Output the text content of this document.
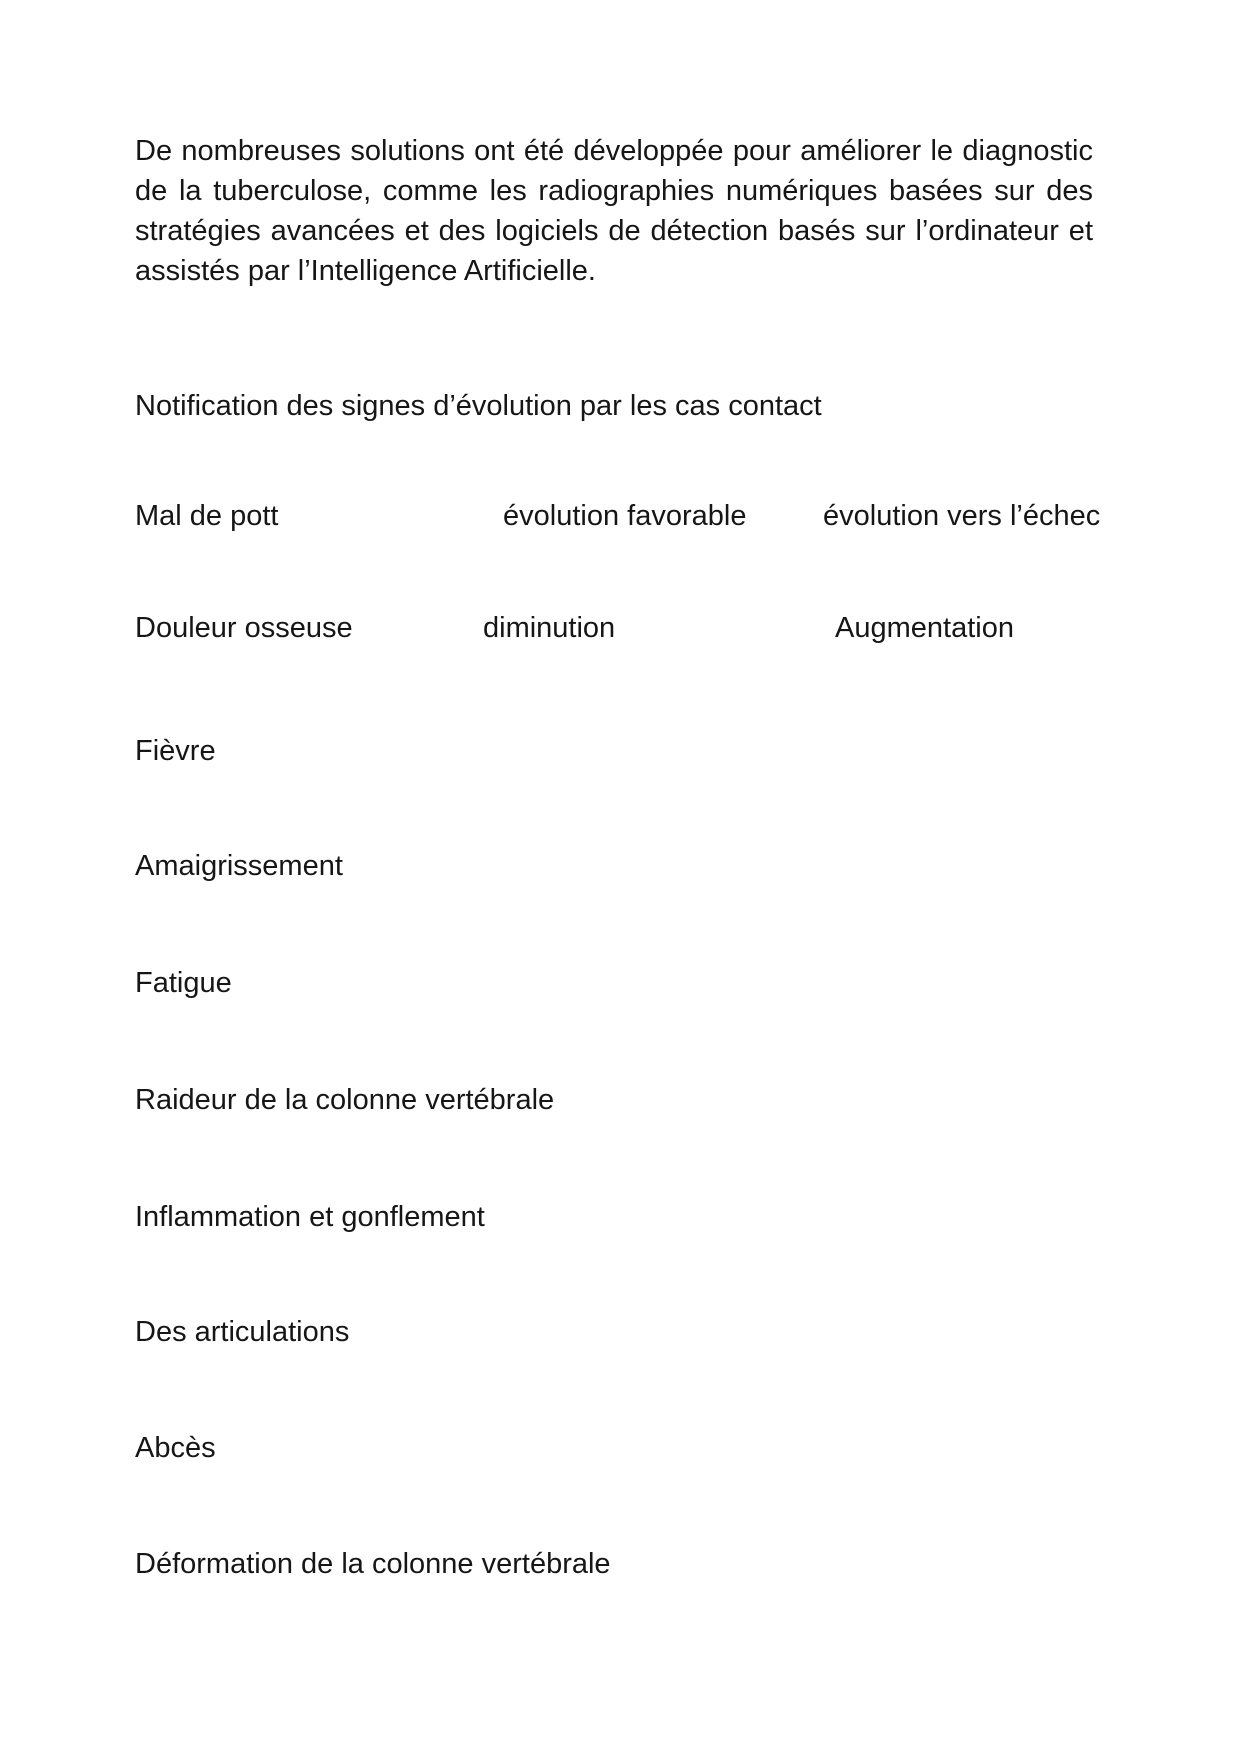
De nombreuses solutions ont été développée pour améliorer le diagnostic
de la tuberculose, comme les radiographies numériques basées sur des
stratégies avancées et des logiciels de détection basés sur l’ordinateur et
assistés par l’Intelligence Artificielle.
Notification des signes d’évolution par les cas contact
Mal de pott	évolution favorable	évolution vers l’échec
Douleur osseuse	diminution	Augmentation
Fièvre
Amaigrissement
Fatigue
Raideur de la colonne vertébrale
Inflammation et gonflement
Des articulations
Abcès
Déformation de la colonne vertébrale
